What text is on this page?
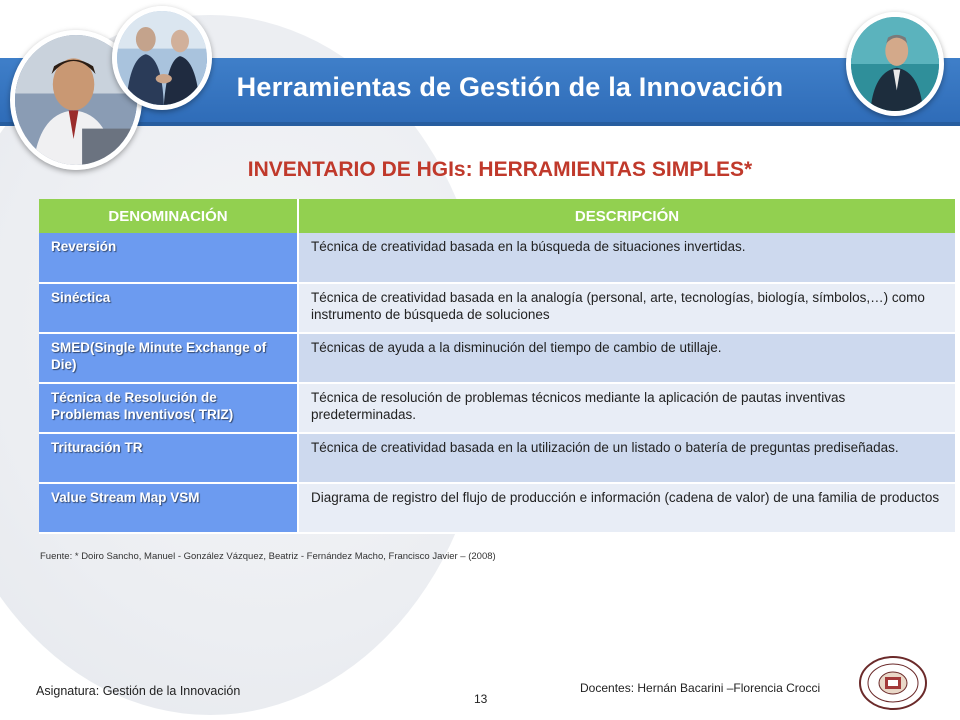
Herramientas de Gestión de la Innovación
INVENTARIO DE HGIs: HERRAMIENTAS SIMPLES*
DENOMINACIÓN	DESCRIPCIÓN
Reversión	Técnica de creatividad basada en la búsqueda de situaciones invertidas.
Sinéctica	Técnica de creatividad basada en la analogía (personal, arte, tecnologías, biología, símbolos,…) como instrumento de búsqueda de soluciones
SMED(Single Minute Exchange of Die)	Técnicas de ayuda a la disminución del tiempo de cambio de utillaje.
Técnica de Resolución de Problemas Inventivos( TRIZ)	Técnica de resolución de problemas técnicos mediante la aplicación de pautas inventivas predeterminadas.
Trituración TR	Técnica de creatividad basada en la utilización de un listado o batería de preguntas prediseñadas.
Value Stream Map VSM	Diagrama de registro del flujo de producción e información (cadena de valor) de una familia de productos
Fuente: * Doiro Sancho, Manuel - González Vázquez, Beatriz - Fernández Macho, Francisco Javier – (2008)
Asignatura: Gestión de la Innovación
13
Docentes: Hernán Bacarini –Florencia Crocci
